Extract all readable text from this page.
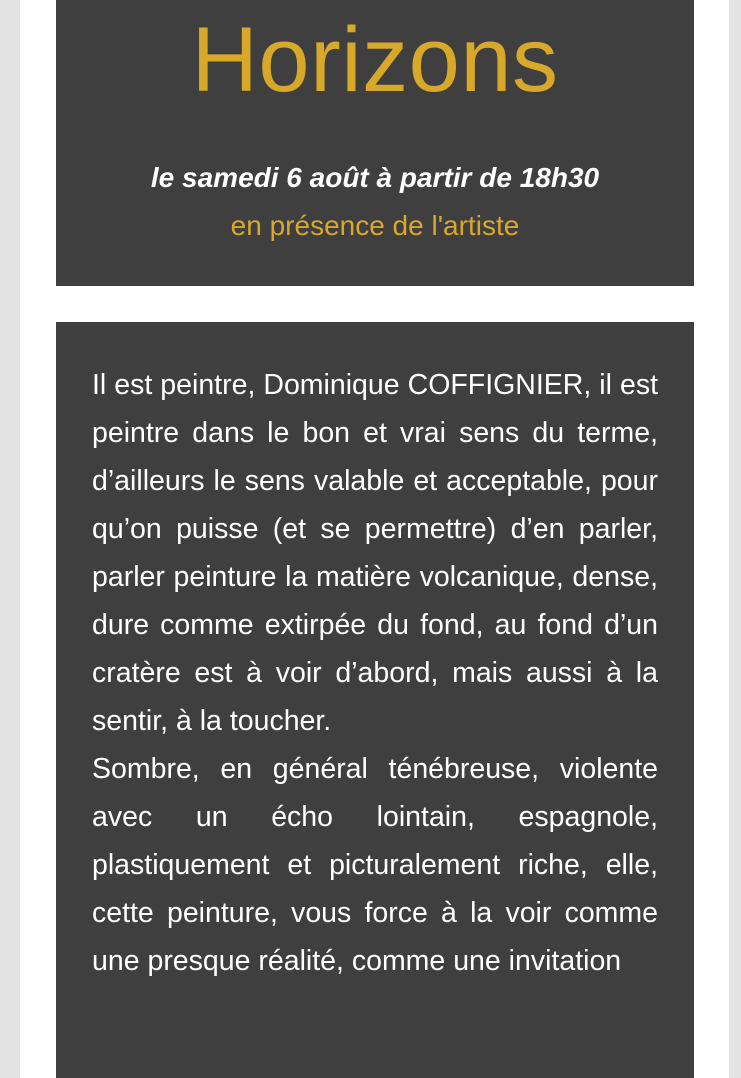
Horizons
le samedi 6 août à partir de 18h30
en présence de l'artiste

Il est peintre, Dominique COFFIGNIER, il est peintre dans le bon et vrai sens du terme, d’ailleurs le sens valable et acceptable, pour qu’on puisse (et se permettre) d’en parler, parler peinture la matière volcanique, dense, dure comme extirpée du fond, au fond d’un cratère est à voir d’abord, mais aussi à la sentir, à la toucher.

Sombre, en général ténébreuse, violente avec un écho lointain, espagnole, plastiquement et picturalement riche, elle, cette peinture, vous force à la voir comme une presque réalité, comme une invitation
